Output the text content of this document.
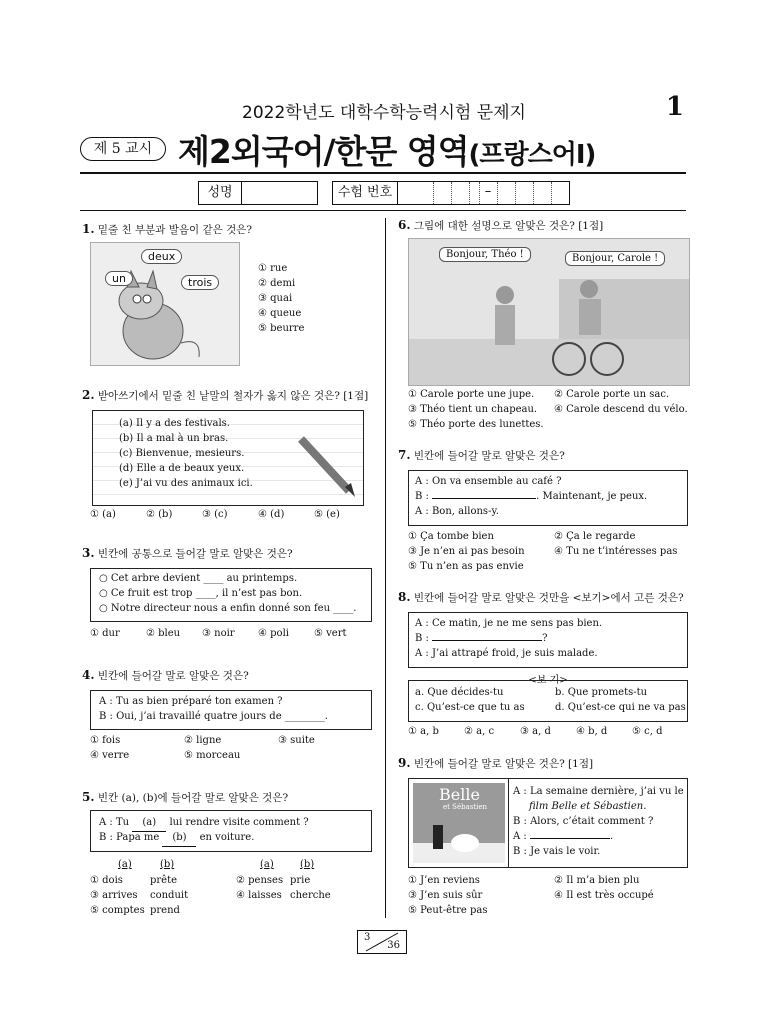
2022학년도 대학수학능력시험 문제지	1
제 5 교시 제2외국어/한문 영역(프랑스어Ⅰ)
성명	수험 번호	–
1. 밑줄 친 부분과 발음이 같은 것은?
deux
un	trois
① rue
② demi
③ quai
④ queue
⑤ beurre
2. 받아쓰기에서 밑줄 친 낱말의 철자가 옳지 않은 것은? [1점]
(a) Il y a des festivals.
(b) Il a mal à un bras.
(c) Bienvenue, mesieurs.
(d) Elle a de beaux yeux.
(e) J’ai vu des animaux ici.
① (a)	② (b)	③ (c)	④ (d)	⑤ (e)
3. 빈칸에 공통으로 들어갈 말로 알맞은 것은?
○ Cet arbre devient ____ au printemps.
○ Ce fruit est trop ____, il n’est pas bon.
○ Notre directeur nous a enfin donné son feu ____.
① dur	② bleu ③ noir ④ poli	⑤ vert
4. 빈칸에 들어갈 말로 알맞은 것은?
A : Tu as bien préparé ton examen ?
B : Oui, j’ai travaillé quatre jours de ________.
① fois	② ligne	③ suite
④ verre	⑤ morceau
5. 빈칸 (a), (b)에 들어갈 말로 알맞은 것은?
A : Tu (a) lui rendre visite comment ?
B : Papa me (b) en voiture.
(a)	(b)	(a)	(b)
① dois	prête	② penses prie
③ arrives conduit	④ laisses cherche
⑤ comptes prend
6. 그림에 대한 설명으로 알맞은 것은? [1점]
Bonjour, Théo !	Bonjour, Carole !
① Carole porte une jupe. ② Carole porte un sac.
③ Théo tient un chapeau. ④ Carole descend du vélo.
⑤ Théo porte des lunettes.
7. 빈칸에 들어갈 말로 알맞은 것은?
A : On va ensemble au café ?
B :	. Maintenant, je peux.
A : Bon, allons-y.
① Ça tombe bien	② Ça le regarde
③ Je n’en ai pas besoin	④ Tu ne t’intéresses pas
⑤ Tu n’en as pas envie
8. 빈칸에 들어갈 말로 알맞은 것만을 <보기>에서 고른 것은?
A : Ce matin, je ne me sens pas bien.
B :	?
A : J’ai attrapé froid, je suis malade.
<보 기>
a. Que décides-tu	b. Que promets-tu
c. Qu’est-ce que tu as	d. Qu’est-ce qui ne va pas
① a, b	② a, c	③ a, d	④ b, d ⑤ c, d
9. 빈칸에 들어갈 말로 알맞은 것은? [1점]
Belle
et Sébastien
A : La semaine dernière, j’ai vu le
film Belle et Sébastien.
B : Alors, c’était comment ?
A :	.
B : Je vais le voir.
① J’en reviens	② Il m’a bien plu
③ J’en suis sûr	④ Il est très occupé
⑤ Peut-être pas
3
36
